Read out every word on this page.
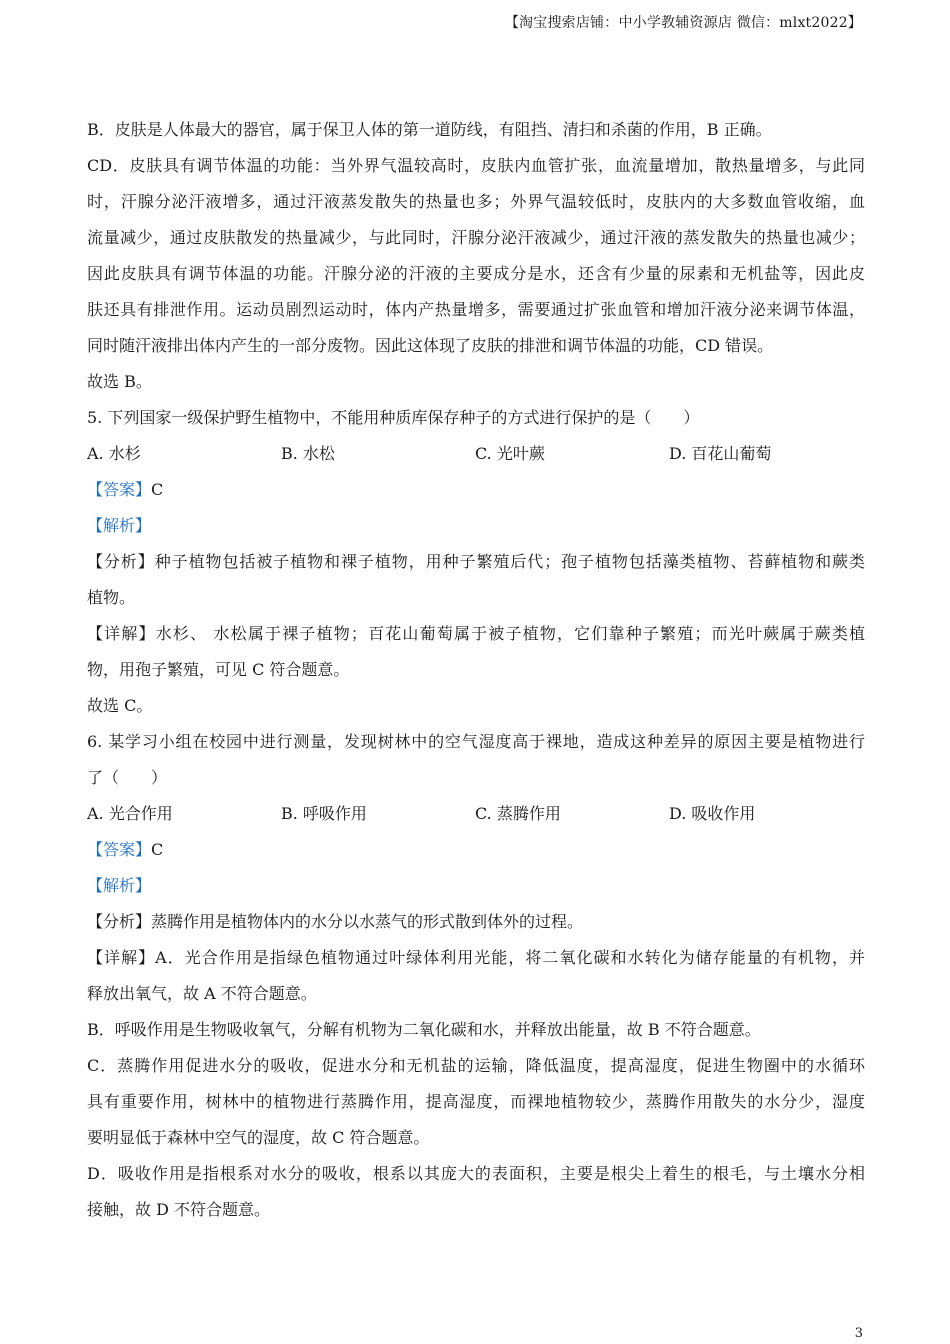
【淘宝搜索店铺：中小学教辅资源店 微信：mlxt2022】
B．皮肤是人体最大的器官，属于保卫人体的第一道防线，有阻挡、清扫和杀菌的作用，B 正确。
CD．皮肤具有调节体温的功能：当外界气温较高时，皮肤内血管扩张，血流量增加，散热量增多，与此同
时，汗腺分泌汗液增多，通过汗液蒸发散失的热量也多；外界气温较低时，皮肤内的大多数血管收缩，血
流量减少，通过皮肤散发的热量减少，与此同时，汗腺分泌汗液减少，通过汗液的蒸发散失的热量也减少；
因此皮肤具有调节体温的功能。汗腺分泌的汗液的主要成分是水，还含有少量的尿素和无机盐等，因此皮
肤还具有排泄作用。运动员剧烈运动时，体内产热量增多，需要通过扩张血管和增加汗液分泌来调节体温，
同时随汗液排出体内产生的一部分废物。因此这体现了皮肤的排泄和调节体温的功能，CD 错误。
故选 B。
5. 下列国家一级保护野生植物中，不能用种质库保存种子的方式进行保护的是（　　）
A. 水杉	B. 水松	C. 光叶蕨	D. 百花山葡萄
【答案】C
【解析】
【分析】种子植物包括被子植物和裸子植物，用种子繁殖后代；孢子植物包括藻类植物、苔藓植物和蕨类
植物。
【详解】水杉、 水松属于裸子植物；百花山葡萄属于被子植物，它们靠种子繁殖；而光叶蕨属于蕨类植
物，用孢子繁殖，可见 C 符合题意。
故选 C。
6. 某学习小组在校园中进行测量，发现树林中的空气湿度高于裸地，造成这种差异的原因主要是植物进行
了（　　）
A. 光合作用	B. 呼吸作用	C. 蒸腾作用	D. 吸收作用
【答案】C
【解析】
【分析】蒸腾作用是植物体内的水分以水蒸气的形式散到体外的过程。
【详解】A．光合作用是指绿色植物通过叶绿体利用光能，将二氧化碳和水转化为储存能量的有机物，并
释放出氧气，故 A 不符合题意。
B．呼吸作用是生物吸收氧气，分解有机物为二氧化碳和水，并释放出能量，故 B 不符合题意。
C．蒸腾作用促进水分的吸收，促进水分和无机盐的运输，降低温度，提高湿度，促进生物圈中的水循环
具有重要作用，树林中的植物进行蒸腾作用，提高湿度，而裸地植物较少，蒸腾作用散失的水分少，湿度
要明显低于森林中空气的湿度，故 C 符合题意。
D．吸收作用是指根系对水分的吸收，根系以其庞大的表面积，主要是根尖上着生的根毛，与土壤水分相
接触，故 D 不符合题意。
3
